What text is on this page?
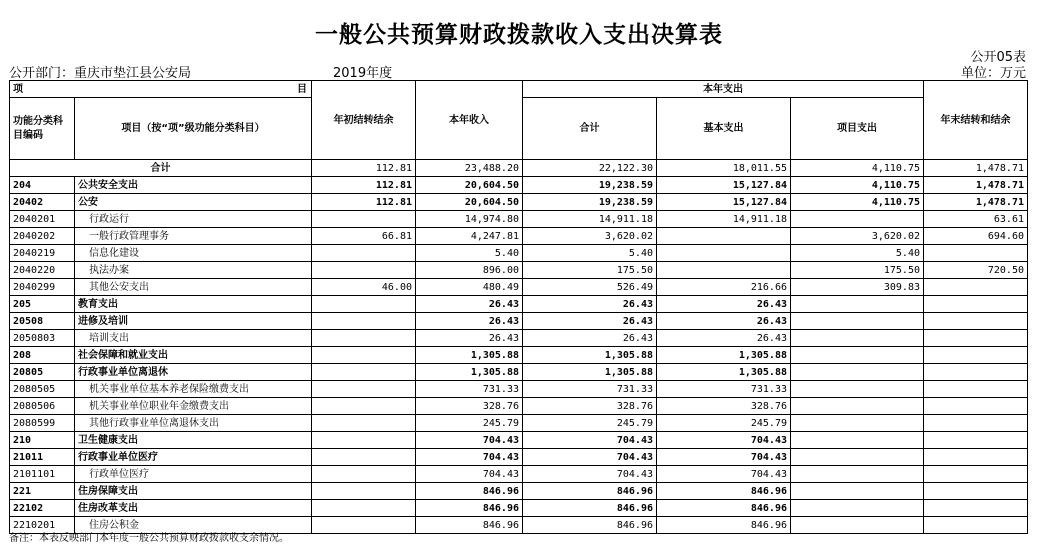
一般公共预算财政拨款收入支出决算表
公开05表
公开部门：重庆市垫江县公安局	2019年度	单位：万元
项 目		年初结转结余	本年收入	本年支出			年末结转和结余
功能分类科目编码	项目（按“项”级功能分类科目）			合计	基本支出	项目支出	
合计		112.81	23,488.20	22,122.30	18,011.55	4,110.75	1,478.71
204	公共安全支出	112.81	20,604.50	19,238.59	15,127.84	4,110.75	1,478.71
20402	公安	112.81	20,604.50	19,238.59	15,127.84	4,110.75	1,478.71
2040201	行政运行		14,974.80	14,911.18	14,911.18		63.61
2040202	一般行政管理事务	66.81	4,247.81	3,620.02		3,620.02	694.60
2040219	信息化建设		5.40	5.40		5.40	
2040220	执法办案		896.00	175.50		175.50	720.50
2040299	其他公安支出	46.00	480.49	526.49	216.66	309.83	
205	教育支出		26.43	26.43	26.43		
20508	进修及培训		26.43	26.43	26.43		
2050803	培训支出		26.43	26.43	26.43		
208	社会保障和就业支出		1,305.88	1,305.88	1,305.88		
20805	行政事业单位离退休		1,305.88	1,305.88	1,305.88		
2080505	机关事业单位基本养老保险缴费支出		731.33	731.33	731.33		
2080506	机关事业单位职业年金缴费支出		328.76	328.76	328.76		
2080599	其他行政事业单位离退休支出		245.79	245.79	245.79		
210	卫生健康支出		704.43	704.43	704.43		
21011	行政事业单位医疗		704.43	704.43	704.43		
2101101	行政单位医疗		704.43	704.43	704.43		
221	住房保障支出		846.96	846.96	846.96		
22102	住房改革支出		846.96	846.96	846.96		
2210201	住房公积金		846.96	846.96	846.96		
备注：本表反映部门本年度一般公共预算财政拨款收支余情况。
